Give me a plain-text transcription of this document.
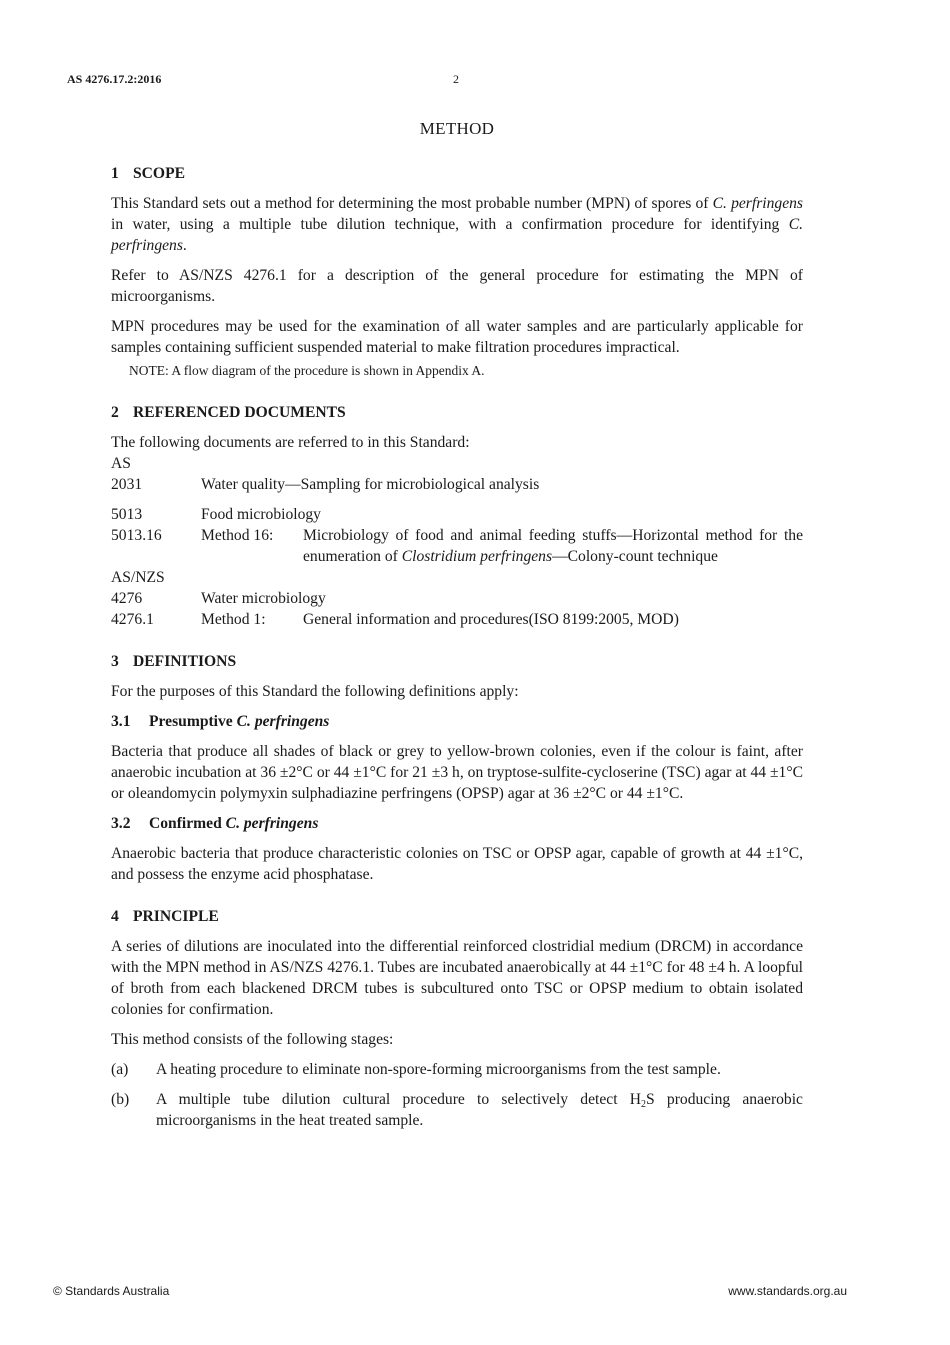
AS 4276.17.2:2016	2
METHOD
1 SCOPE

This Standard sets out a method for determining the most probable number (MPN) of spores of C. perfringens in water, using a multiple tube dilution technique, with a confirmation procedure for identifying C. perfringens.

Refer to AS/NZS 4276.1 for a description of the general procedure for estimating the MPN of microorganisms.

MPN procedures may be used for the examination of all water samples and are particularly applicable for samples containing sufficient suspended material to make filtration procedures impractical.

NOTE: A flow diagram of the procedure is shown in Appendix A.

2 REFERENCED DOCUMENTS

The following documents are referred to in this Standard:

AS
2031	Water quality—Sampling for microbiological analysis
5013	Food microbiology
5013.16	Method 16:	Microbiology of food and animal feeding stuffs—Horizontal method for the enumeration of Clostridium perfringens—Colony-count technique
AS/NZS
4276	Water microbiology
4276.1	Method 1:	General information and procedures(ISO 8199:2005, MOD)
3 DEFINITIONS

For the purposes of this Standard the following definitions apply:

3.1 Presumptive C. perfringens

Bacteria that produce all shades of black or grey to yellow-brown colonies, even if the colour is faint, after anaerobic incubation at 36 ±2°C or 44 ±1°C for 21 ±3 h, on tryptose-sulfite-cycloserine (TSC) agar at 44 ±1°C or oleandomycin polymyxin sulphadiazine perfringens (OPSP) agar at 36 ±2°C or 44 ±1°C.

3.2 Confirmed C. perfringens

Anaerobic bacteria that produce characteristic colonies on TSC or OPSP agar, capable of growth at 44 ±1°C, and possess the enzyme acid phosphatase.

4 PRINCIPLE

A series of dilutions are inoculated into the differential reinforced clostridial medium (DRCM) in accordance with the MPN method in AS/NZS 4276.1. Tubes are incubated anaerobically at 44 ±1°C for 48 ±4 h. A loopful of broth from each blackened DRCM tubes is subcultured onto TSC or OPSP medium to obtain isolated colonies for confirmation.

This method consists of the following stages:

(a)	A heating procedure to eliminate non-spore-forming microorganisms from the test sample.
(b)	A multiple tube dilution cultural procedure to selectively detect $H_2S$ producing anaerobic microorganisms in the heat treated sample.
© Standards Australia	www.standards.org.au
